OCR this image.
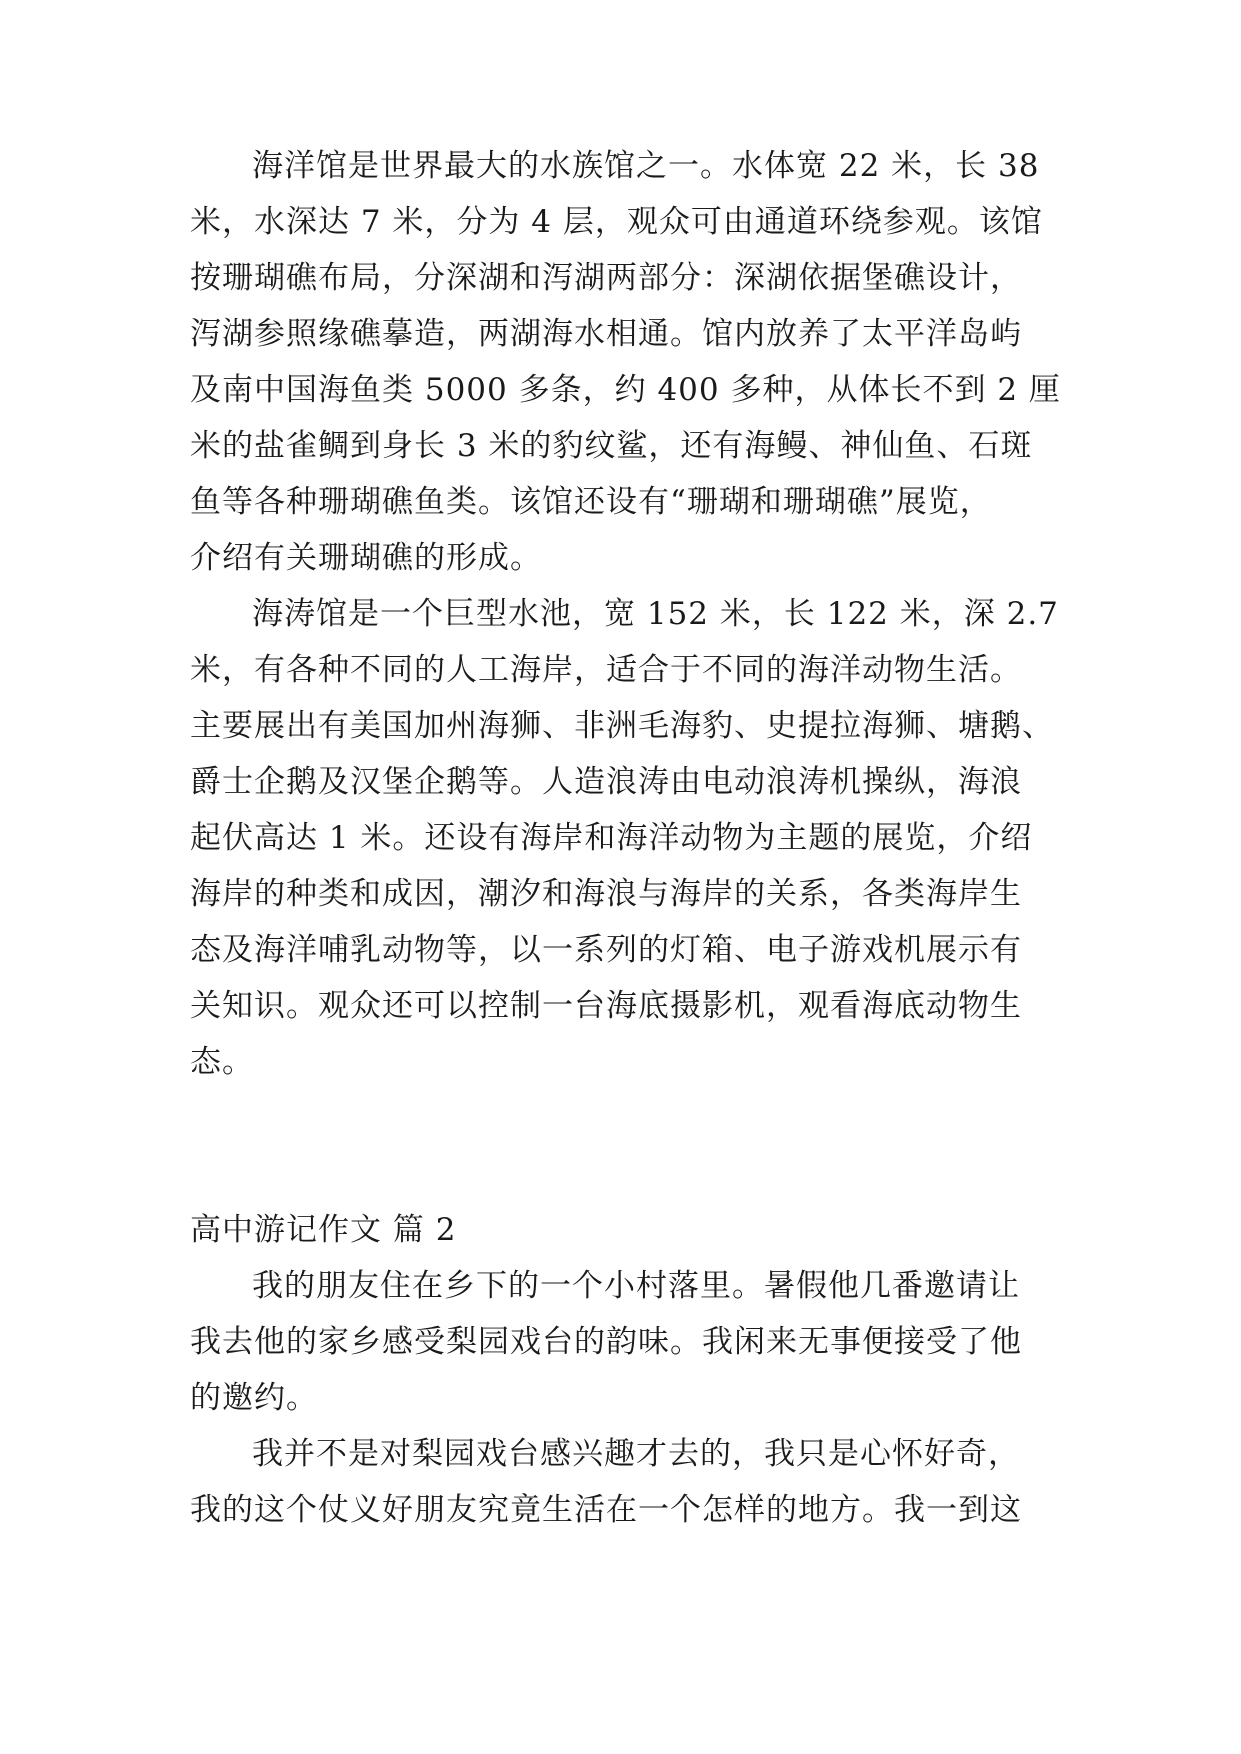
海洋馆是世界最大的水族馆之一。水体宽 22 米，长 38
米，水深达 7 米，分为 4 层，观众可由通道环绕参观。该馆
按珊瑚礁布局，分深湖和泻湖两部分：深湖依据堡礁设计，
泻湖参照缘礁摹造，两湖海水相通。馆内放养了太平洋岛屿
及南中国海鱼类 5000 多条，约 400 多种，从体长不到 2 厘
米的盐雀鲷到身长 3 米的豹纹鲨，还有海鳗、神仙鱼、石斑
鱼等各种珊瑚礁鱼类。该馆还设有“珊瑚和珊瑚礁”展览，
介绍有关珊瑚礁的形成。
海涛馆是一个巨型水池，宽 152 米，长 122 米，深 2.7
米，有各种不同的人工海岸，适合于不同的海洋动物生活。
主要展出有美国加州海狮、非洲毛海豹、史提拉海狮、塘鹅、
爵士企鹅及汉堡企鹅等。人造浪涛由电动浪涛机操纵，海浪
起伏高达 1 米。还设有海岸和海洋动物为主题的展览，介绍
海岸的种类和成因，潮汐和海浪与海岸的关系，各类海岸生
态及海洋哺乳动物等，以一系列的灯箱、电子游戏机展示有
关知识。观众还可以控制一台海底摄影机，观看海底动物生
态。
高中游记作文 篇 2
我的朋友住在乡下的一个小村落里。暑假他几番邀请让
我去他的家乡感受梨园戏台的韵味。我闲来无事便接受了他
的邀约。
我并不是对梨园戏台感兴趣才去的，我只是心怀好奇，
我的这个仗义好朋友究竟生活在一个怎样的地方。我一到这
